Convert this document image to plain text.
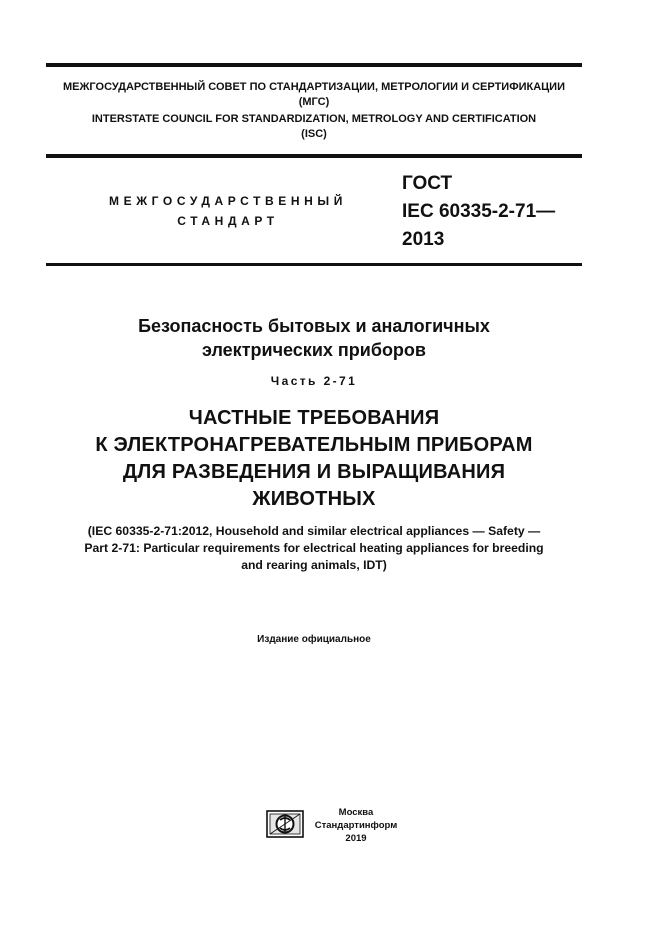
МЕЖГОСУДАРСТВЕННЫЙ СОВЕТ ПО СТАНДАРТИЗАЦИИ, МЕТРОЛОГИИ И СЕРТИФИКАЦИИ
(МГС)
INTERSTATE COUNCIL FOR STANDARDIZATION, METROLOGY AND CERTIFICATION
(ISC)
МЕЖГОСУДАРСТВЕННЫЙ
СТАНДАРТ
ГОСТ
IEC 60335-2-71—
2013
Безопасность бытовых и аналогичных
электрических приборов
Часть 2-71
ЧАСТНЫЕ ТРЕБОВАНИЯ
К ЭЛЕКТРОНАГРЕВАТЕЛЬНЫМ ПРИБОРАМ
ДЛЯ РАЗВЕДЕНИЯ И ВЫРАЩИВАНИЯ
ЖИВОТНЫХ
(IEC 60335-2-71:2012, Household and similar electrical appliances — Safety —
Part 2-71: Particular requirements for electrical heating appliances for breeding
and rearing animals, IDT)
Издание официальное
Москва
Стандартинформ
2019
